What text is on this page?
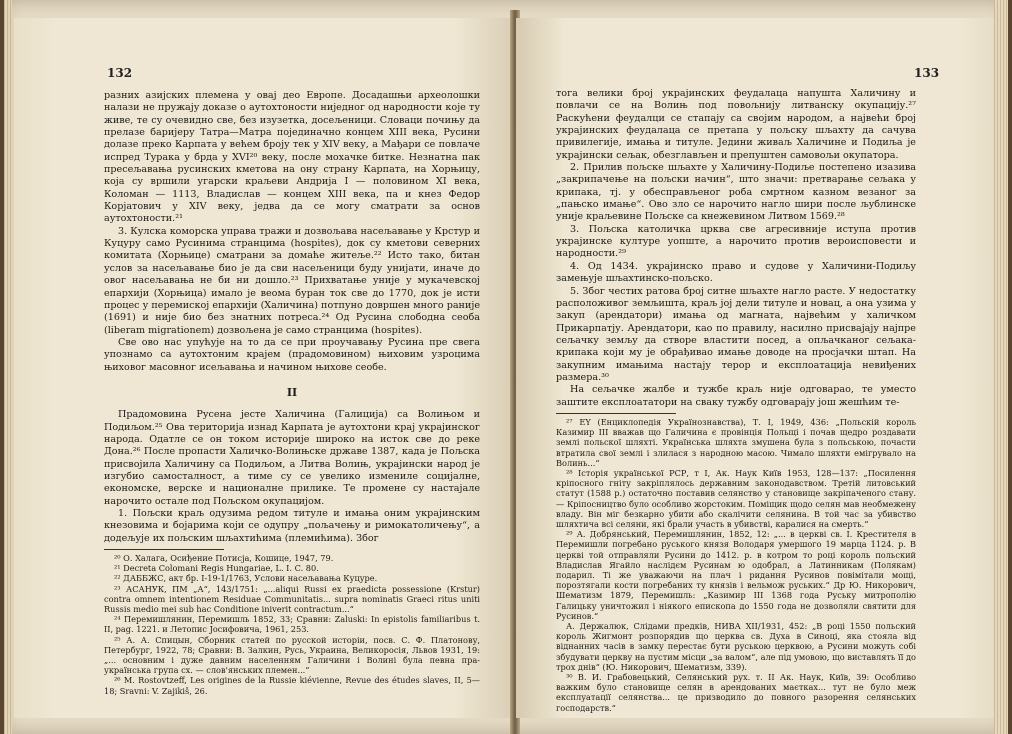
132

разних азијских племена у овај део Европе. Досадашњи археолошки налази не пружају доказе о аутохтоности ниједног од народности које ту живе, те су очевидно све, без изузетка, досељеници. Словаци почињу да прелазе баријеру Татра—Матра појединачно концем XIII века, Русини долазе преко Карпата у већем броју тек у XIV веку, а Мађари се повлаче испред Турака у брда у XVI²⁰ веку, после мохачке битке. Незнатна пак пресељавања русинских кметова на ону страну Карпата, на Хорњицу, која су вршили угарски краљеви Андрија I — половином XI века, Коломан — 1113, Владислав — концем XIII века, па и кнез Федор Корјатович у XIV веку, једва да се могу сматрати за основ аутохтоности.²¹

3. Кулска коморска управа тражи и дозвољава насељавање у Крстур и Куцуру само Русинима странцима (hospites), док су кметови северних комитата (Хорњице) сматрани за домаће житеље.²² Исто тако, битан услов за насељавање био је да сви насељеници буду унијати, иначе до овог насељавања не би ни дошло.²³ Прихватање уније у мукачевској епархији (Хорњица) имало је веома буран ток све до 1770, док је исти процес у перемиској епархији (Халичина) потпуно довршен много раније (1691) и није био без знатних потреса.²⁴ Од Русина слободна сеоба (liberam migrationem) дозвољена је само странцима (hospites).

Све ово нас упућује на то да се при проучавању Русина пре свега упознамо са аутохтоним крајем (прадомовином) њиховим узроцима њиховог масовног исељавања и начином њихове сеобе.

II

Прадомовина Русена јесте Халичина (Галиција) са Волињом и Подиљом.²⁵ Ова територија изнад Карпата је аутохтони крај украјинског народа. Одатле се он током историје широко на исток све до реке Дона.²⁶ После пропасти Халичко-Волињске државе 1387, када је Пољска присвојила Халичину са Подиљом, а Литва Волињ, украјински народ је изгубио самосталност, а тиме су се увелико измениле социјалне, економске, верске и националне прилике. Те промене су настајале нарочито остале под Пољском окупацијом.

1. Пољски краљ одузима редом титуле и имања оним украјинским кнезовима и бојарима који се одупру „пољачењу и римокатоличењу“, а додељује их пољским шљахтићима (племићима). Због

²⁰ О. Халага, Осиђение Потисја, Кошице, 1947, 79.

²¹ Decreta Colomani Regis Hungariae, L. I. C. 80.

²² ДАББЖС, акт бр. I-19-1/1763, Услови насељавања Куцуре.

²³ АСАНУК, ПМ „А“, 143/1751: „...aliqui Russi ex praedicta possessione (Krstur) contra omnem intentionem Residuae Communitatis... supra nominatis Graeci ritus uniti Russis medio mei sub hac Conditione iniverit contractum...“

²⁴ Перемишлянин, Перемишль 1852, 33; Сравни: Zaluski: In epistolis familiaribus t. II, pag. 1221. и Летопис Јосифовича, 1961, 253.

²⁵ А. А. Спицын, Сборник статей по русской исторіи, посв. С. Ф. Платонову, Петербург, 1922, 78; Сравни: В. Залкин, Русь, Украина, Великоросія, Львов 1931, 19: „... основним і дуже давним населенням Галичини і Волині була певна пра-українська група сх. — слов'янських племен...“

²⁶ M. Rostovtzeff, Les origines de la Russie kiévienne, Revue des études slaves, II, 5—18; Sravni: V. Zajikiš, 26.

133

тога велики број украјинских феудалаца напушта Халичину и повлачи се на Волињ под повољнију литванску окупацију.²⁷ Раскућени феудалци се стапају са својим народом, а највећи број украјинских феудалаца се претапа у пољску шљахту да сачува привилегије, имања и титуле. Једини живаљ Халичине и Подиља је украјински сељак, обезглављен и препуштен самовољи окупатора.

2. Прилив пољске шљахте у Халичину-Подиље постепено изазива „закрипачење на пољски начин“, што значи: претварање сељака у крипака, тј. у обесправљеног роба смртном казном везаног за „пањско имање“. Ово зло се нарочито нагло шири после љублинске уније краљевине Пољске са кнежевином Литвом 1569.²⁸

3. Пољска католичка црква све агресивније иступа против украјинске културе уопште, а нарочито против вероисповести и народности.²⁹

4. Од 1434. украјинско право и судове у Халичини-Подиљу замењује шљахтинско-пољско.

5. Због честих ратова број ситне шљахте нагло расте. У недостатку расположивог земљишта, краљ јој дели титуле и новац, а она узима у закуп (арендатори) имања од магната, највећим у халичком Прикарпатју. Арендатори, као по правилу, насилно присвајају најпре сељачку земљу да створе властити посед, а опљачканог сељака-крипака који му је обрађивао имање доводе на просјачки штап. На закупним имањима настају терор и експлоатација невиђених размера.³⁰

На сељачке жалбе и тужбе краљ није одговарао, те уместо заштите експлоататори на сваку тужбу одговарају још жешћим те-

²⁷ EY (Енциклопедія Українознавства), Т. I, 1949, 436: „Польскій король Казимир III вважав що Галичина є провінція Польщі і почав щедро роздавати землі польскої шляхті. Українська шляхта змушена була з польською, почасти втратила свої землі і злилася з народною масою. Чимало шляхти емігрувало на Волинь...“

²⁸ Історія української РСР, т I, Ак. Наук Київ 1953, 128—137: „Посилення кріпосного гніту закріплялось державним законодавством. Третій литовський статут (1588 р.) остаточно поставив селянство у становище закріпаченого стану. — Кріпосництво було особливо жорстоким. Поміщик щодо селян мав необмежену владу. Він міг безкарно убити або скалічити селянина. В той час за убивство шляхтича всі селяни, які брали участь в убивстві, каралися на смерть.“

²⁹ А. Добрянський, Перемишлянин, 1852, 12: „... в церкві св. I. Крестителя в Перемишли погребано руського князя Володаря умершого 19 марца 1124. р. В церкві той отправляли Русини до 1412. р. в котром то році король польский Владислав Ягайло наслідєм Русинам ю одобрал, а Латинникам (Полякам) подарил. Ті же уважаючи на плач і ридання Русинов повімітали мощі, порозтягали кости погребаних ту князів і вельмож руських.“ Др Ю. Никорович, Шематизм 1879, Перемишль: „Казимир III 1368 года Руську митрополію Галицьку уничтожил і ніякого епископа до 1550 года не дозволяли святити для Русинов.“

А. Держалюк, Слідами предків, НИВА XII/1931, 452: „В році 1550 польский король Жигмонт розпорядив що церква св. Духа в Синоці, яка стояла від віднанних часів в замку перестає бути руською церквою, а Русини можуть собі збудувати церкву на пустим місци „за валом“, але під умовою, що виставлять її до трох днів“ (Ю. Никорович, Шематизм, 339).

³⁰ В. И. Грабовецький, Селянський рух. т. II Ак. Наук, Київ, 39: Особливо важким було становище селян в арендованих маєтках... тут не було меж експлуатації селянства... це призводило до повного разорення селянських господарств.“
